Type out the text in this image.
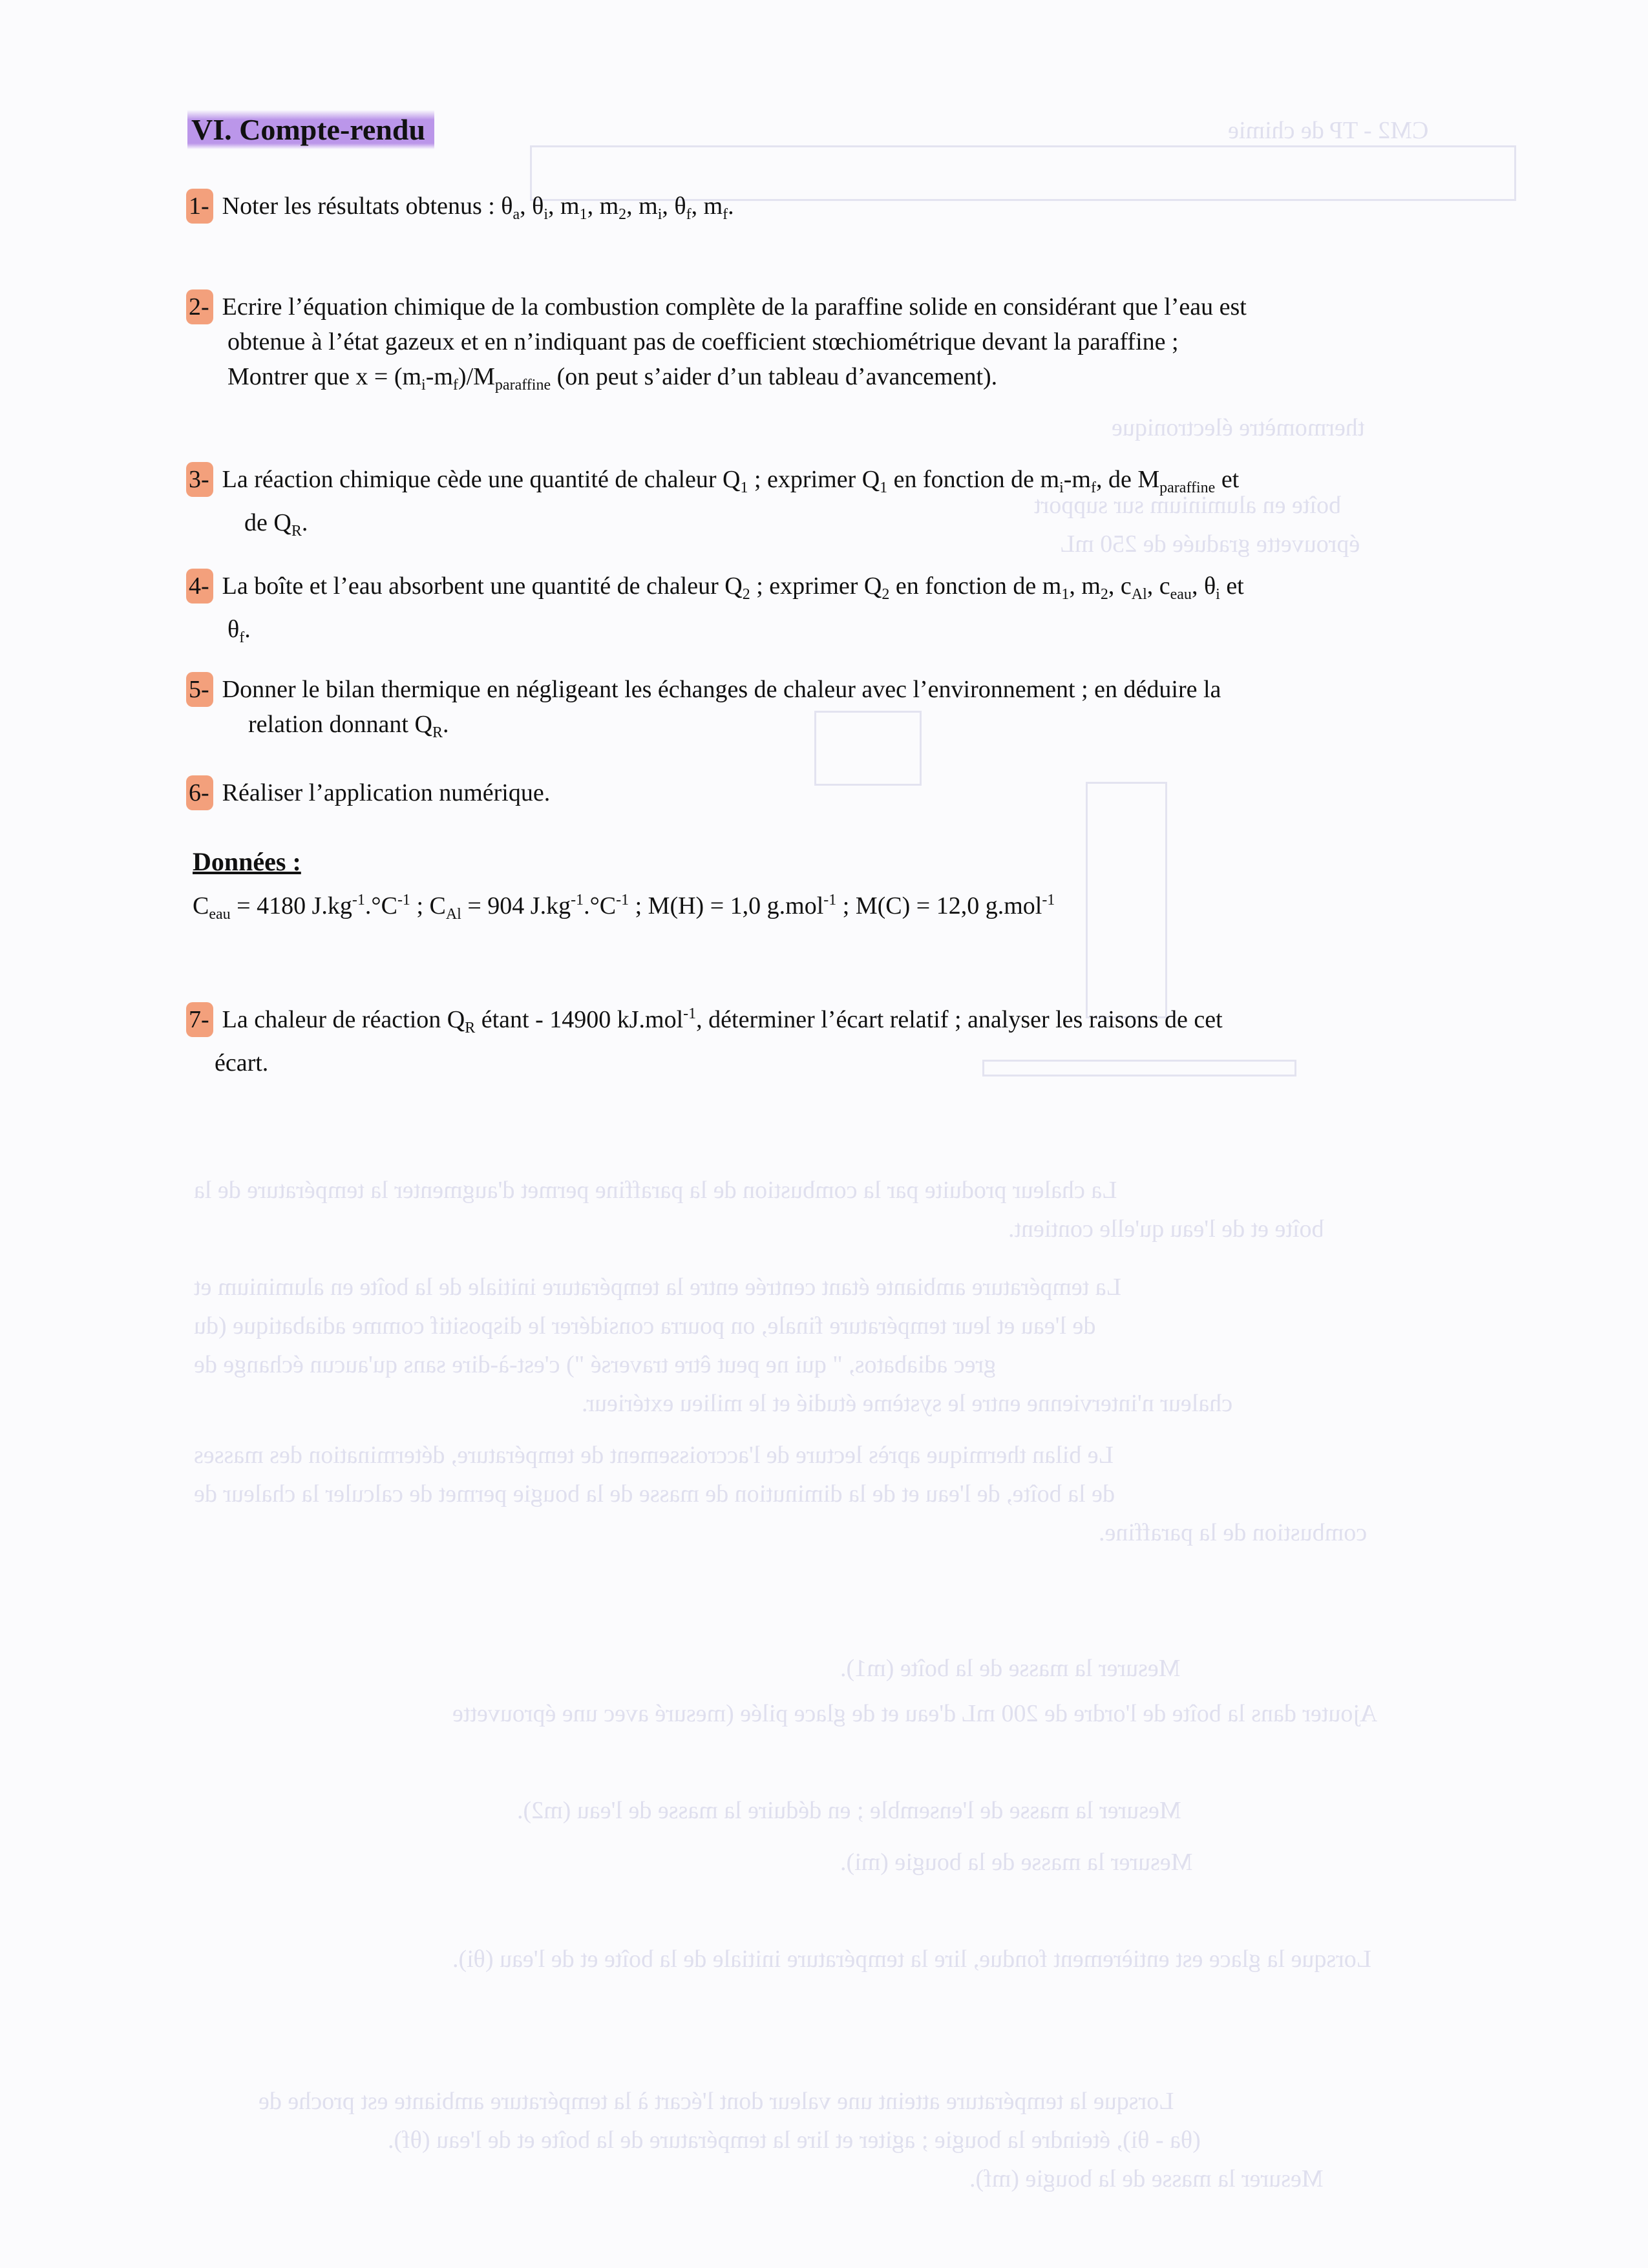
CM2 - TP de chimie
thermomètre électronique
boîte en aluminium sur support
éprouvette graduée de 250 mL
La chaleur produite par la combustion de la paraffine permet d'augmenter la température de la
boîte et de l'eau qu'elle contient.
La température ambiante étant centrée entre la température initiale de la boîte en aluminium et
de l'eau et leur température finale, on pourra considérer le dispositif comme adiabatique (du
grec adiabatos, " qui ne peut être traversé ") c'est-à-dire sans qu'aucun échange de
chaleur n'intervienne entre le système étudié et le milieu extérieur.
Le bilan thermique après lecture de l'accroissement de température, détermination des masses
de la boîte, de l'eau et de la diminution de masse de la bougie permet de calculer la chaleur de
combustion de la paraffine.
Mesurer la masse de la boîte (m1).
Ajouter dans la boîte de l'ordre de 200 mL d'eau et de glace pilée (mesuré avec une éprouvette
Mesurer la masse de l'ensemble ; en déduire la masse de l'eau (m2).
Mesurer la masse de la bougie (mi).
Lorsque la glace est entièrement fondue, lire la température initiale de la boîte et de l'eau (θi).
Lorsque la température atteint une valeur dont l'écart à la température ambiante est proche de
(θa - θi), éteindre la bougie ; agiter et lire la température de la boîte et de l'eau (θf).
Mesurer la masse de la bougie (mf).
VI. Compte-rendu
1- Noter les résultats obtenus : $\theta_a$, $\theta_i$, $m_1$, $m_2$, $m_i$, $\theta_f$, $m_f$.
2- Ecrire l’équation chimique de la combustion complète de la paraffine solide en considérant que l’eau est
obtenue à l’état gazeux et en n’indiquant pas de coefficient stœchiométrique devant la paraffine ;
Montrer que $x = (m_i-m_f)/M_{paraffine}$ (on peut s’aider d’un tableau d’avancement).
3- La réaction chimique cède une quantité de chaleur $Q_1$ ; exprimer $Q_1$ en fonction de $m_i-m_f$, de $M_{paraffine}$ et
de $Q_R$.
4- La boîte et l’eau absorbent une quantité de chaleur $Q_2$ ; exprimer $Q_2$ en fonction de $m_1$, $m_2$, $c_{Al}$, $c_{eau}$, $\theta_i$ et
$\theta_f$.
5- Donner le bilan thermique en négligeant les échanges de chaleur avec l’environnement ; en déduire la
relation donnant $Q_R$.
6- Réaliser l’application numérique.
Données :
$C_{eau} = 4180$ $J.kg^{-1}.^\circ C^{-1}$ ; $C_{Al} = 904$ $J.kg^{-1}.^\circ C^{-1}$ ; M(H) = 1,0 g.mol$^{-1}$ ; M(C) = 12,0 g.mol$^{-1}$
7- La chaleur de réaction $Q_R$ étant - 14900 kJ.mol$^{-1}$, déterminer l’écart relatif ; analyser les raisons de cet
écart.
